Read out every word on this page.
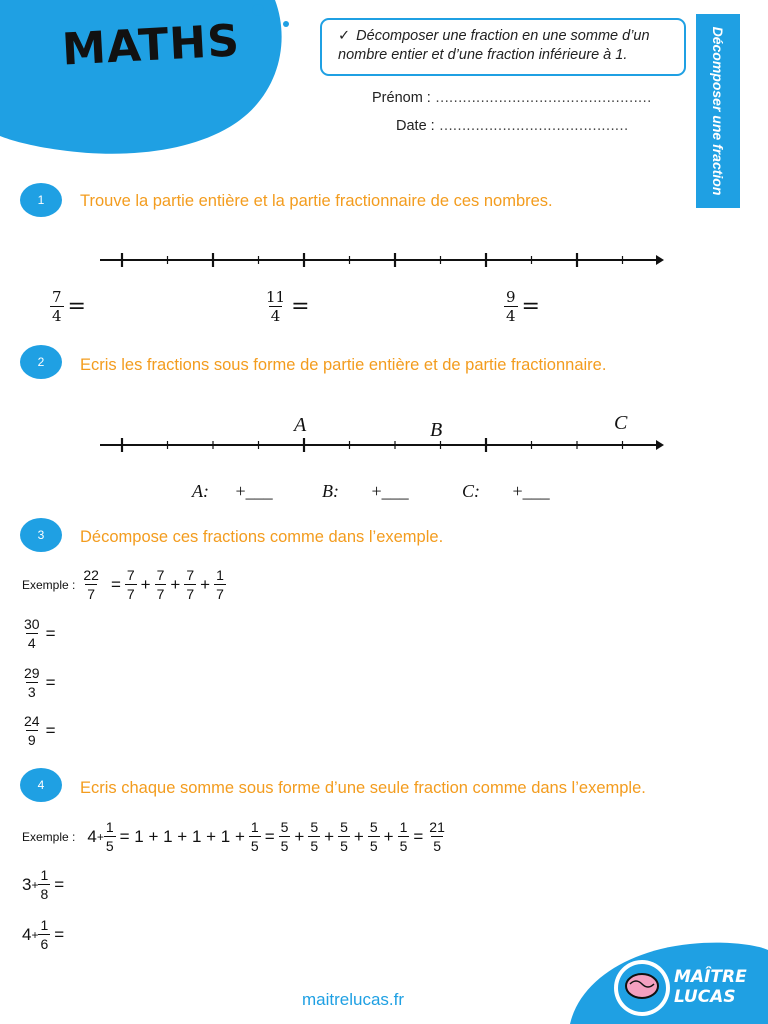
MATHS	✓ Décomposer une fraction en une somme d’un nombre entier et d’une fraction inférieure à 1.
Prénom : …………………………………………
Date : ……………………………………	Décomposer une fraction
1 Trouve la partie entière et la partie fractionnaire de ces nombres.
$\frac{7}{4}$ =	$\frac{11}{4}$ =	$\frac{9}{4}$ =
2 Ecris les fractions sous forme de partie entière et de partie fractionnaire.
A	B	C
A: +___	B: +___	C: +___
3 Décompose ces fractions comme dans l’exemple.
Exemple : $\frac{22}{7} = \frac{7}{7} + \frac{7}{7} + \frac{7}{7} + \frac{1}{7}$
$\frac{30}{4}$ =
$\frac{29}{3}$ =
$\frac{24}{9}$ =
4 Ecris chaque somme sous forme d’une seule fraction comme dans l’exemple.
Exemple : $4 + \frac{1}{5} = 1 + 1 + 1 + 1 + \frac{1}{5} = \frac{5}{5} + \frac{5}{5} + \frac{5}{5} + \frac{5}{5} + \frac{1}{5} = \frac{21}{5}$
$3 + \frac{1}{8}$ =
$4 + \frac{1}{6}$ =
maitrelucas.fr
MAÎTRE
LUCAS
